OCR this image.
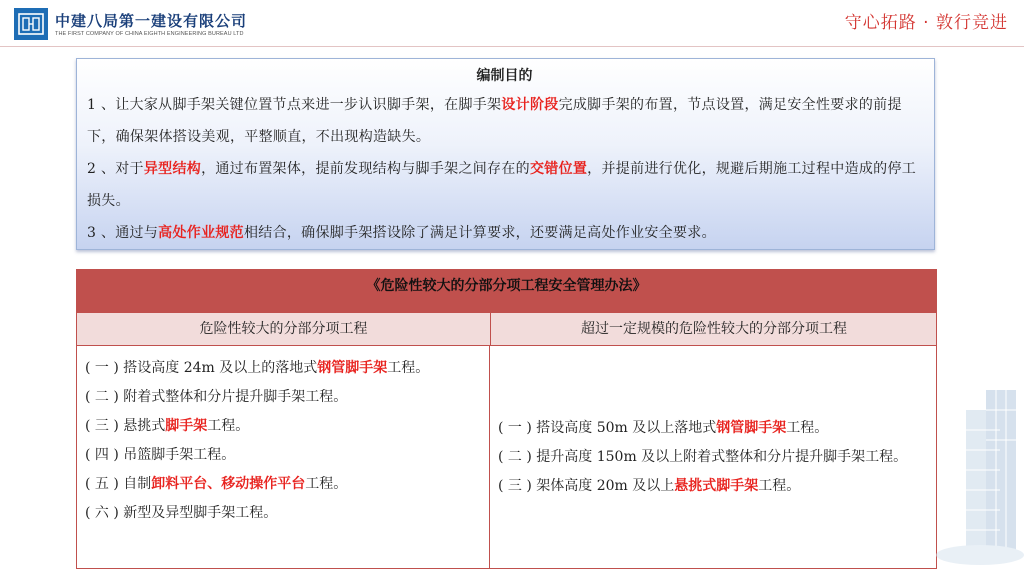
中建八局第一建设有限公司
THE FIRST COMPANY OF CHINA EIGHTH ENGINEERING BUREAU LTD
守心拓路 · 敦行竞进
编制目的

1 、让大家从脚手架关键位置节点来进一步认识脚手架，在脚手架设计阶段完成脚手架的布置，节点设置，满足安全性要求的前提下，确保架体搭设美观，平整顺直，不出现构造缺失。

2 、对于异型结构，通过布置架体，提前发现结构与脚手架之间存在的交错位置，并提前进行优化，规避后期施工过程中造成的停工损失。

3 、通过与高处作业规范相结合，确保脚手架搭设除了满足计算要求，还要满足高处作业安全要求。

《危险性较大的分部分项工程安全管理办法》
危险性较大的分部分项工程	超过一定规模的危险性较大的分部分项工程

( 一 ) 搭设高度 24m 及以上的落地式钢管脚手架工程。

( 二 ) 附着式整体和分片提升脚手架工程。

( 三 ) 悬挑式脚手架工程。

( 四 ) 吊篮脚手架工程。

( 五 ) 自制卸料平台、移动操作平台工程。

( 六 ) 新型及异型脚手架工程。

( 一 ) 搭设高度 50m 及以上落地式钢管脚手架工程。

( 二 ) 提升高度 150m 及以上附着式整体和分片提升脚手架工程。

( 三 ) 架体高度 20m 及以上悬挑式脚手架工程。
